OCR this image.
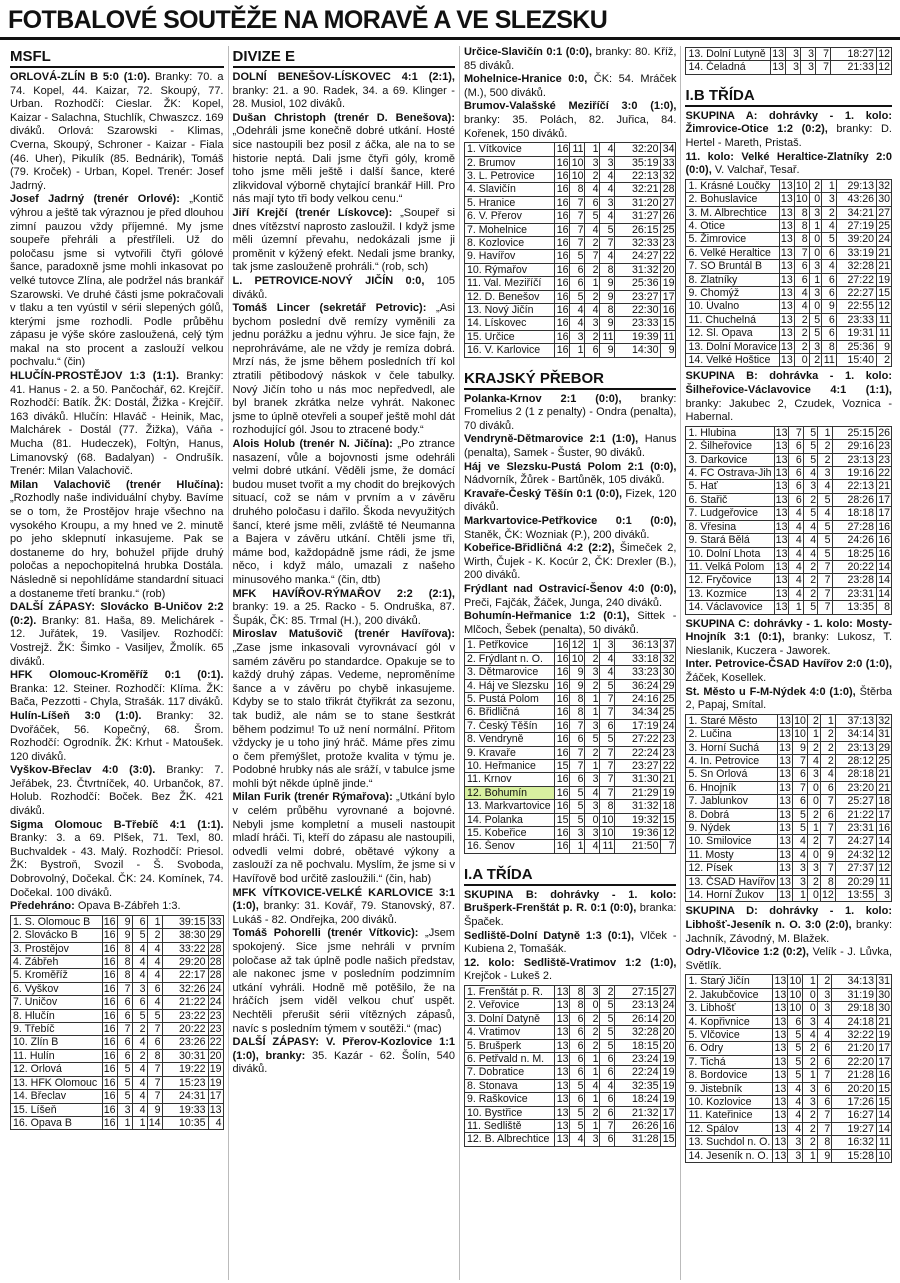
FOTBALOVÉ SOUTĚŽE NA MORAVĚ A VE SLEZSKU
MSFL
ORLOVÁ-ZLÍN B 5:0 (1:0). Branky: 70. a 74. Kopel, 44. Kaizar, 72. Skoupý, 77. Urban. Rozhodčí: Cieslar. ŽK: Kopel, Kaizar - Salachna, Stuchlík, Chwaszcz. 169 diváků. Orlová: Szarowski - Klimas, Cverna, Skoupý, Schroner - Kaizar - Fiala (46. Uher), Pikulík (85. Bednárik), Tomáš (79. Kroček) - Urban, Kopel. Trenér: Josef Jadrný.
Josef Jadrný (trenér Orlové): „Kontič výhrou a ještě tak výraznou je před dlouhou zimní pauzou vždy příjemné. My jsme soupeře přehráli a přestříleli. Už do poločasu jsme si vytvořili čtyři gólové šance, paradoxně jsme mohli inkasovat po velké tutovce Zlína, ale podržel nás brankář Szarowski. Ve druhé části jsme pokračovali v tlaku a ten vyústil v sérii slepených gólů, kterými jsme rozhodli. Podle průběhu zápasu je výše skóre zasloužená, celý tým makal na sto procent a zaslouží velkou pochvalu.“ (čin)
HLUČÍN-PROSTĚJOV 1:3 (1:1). Branky: 41. Hanus - 2. a 50. Pančochář, 62. Krejčíř. Rozhodčí: Batík. ŽK: Dostál, Žižka - Krejčíř. 163 diváků. Hlučín: Hlaváč - Heinik, Mac, Malchárek - Dostál (77. Žižka), Váňa - Mucha (81. Hudeczek), Foltýn, Hanus, Limanovský (68. Badalyan) - Ondrušík. Trenér: Milan Valachovič.
Milan Valachovič (trenér Hlučína): „Rozhodly naše individuální chyby. Bavíme se o tom, že Prostějov hraje všechno na vysokého Kroupu, a my hned ve 2. minutě po jeho sklepnutí inkasujeme. Pak se dostaneme do hry, bohužel přijde druhý poločas a nepochopitelná hrubka Dostála. Následně si nepohlídáme standardní situaci a dostaneme třetí branku.“ (rob)
DALŠÍ ZÁPASY: Slovácko B-Uničov 2:2 (0:2). Branky: 81. Haša, 89. Melichárek - 12. Juřátek, 19. Vasiljev. Rozhodčí: Vostrejž. ŽK: Šimko - Vasiljev, Žmolík. 65 diváků.
HFK Olomouc-Kroměříž 0:1 (0:1). Branka: 12. Steiner. Rozhodčí: Klíma. ŽK: Bača, Pezzotti - Chyla, Strašák. 117 diváků.
Hulín-Líšeň 3:0 (1:0). Branky: 32. Dvořáček, 56. Kopečný, 68. Šrom. Rozhodčí: Ogrodník. ŽK: Krhut - Matoušek. 120 diváků.
Vyškov-Břeclav 4:0 (3:0). Branky: 7. Jeřábek, 23. Čtvrtníček, 40. Urbančok, 87. Holub. Rozhodčí: Boček. Bez ŽK. 421 diváků.
Sigma Olomouc B-Třebíč 4:1 (1:1). Branky: 3. a 69. Plšek, 71. Texl, 80. Buchvaldek - 43. Malý. Rozhodčí: Priesol. ŽK: Bystroň, Svozil - Š. Svoboda, Dobrovolný, Dočekal. ČK: 24. Komínek, 74. Dočekal. 100 diváků.
Předehráno: Opava B-Zábřeh 1:3.
1. S. Olomouc B	16	9	6	1	39:15	33
2. Slovácko B	16	9	5	2	38:30	29
3. Prostějov	16	8	4	4	33:22	28
4. Zábřeh	16	8	4	4	29:20	28
5. Kroměříž	16	8	4	4	22:17	28
6. Vyškov	16	7	3	6	32:26	24
7. Uničov	16	6	6	4	21:22	24
8. Hlučín	16	6	5	5	23:22	23
9. Třebíč	16	7	2	7	20:22	23
10. Zlín B	16	6	4	6	23:26	22
11. Hulín	16	6	2	8	30:31	20
12. Orlová	16	5	4	7	19:22	19
13. HFK Olomouc	16	5	4	7	15:23	19
14. Břeclav	16	5	4	7	24:31	17
15. Líšeň	16	3	4	9	19:33	13
16. Opava B	16	1	1	14	10:35	4
DIVIZE E
DOLNÍ BENEŠOV-LÍSKOVEC 4:1 (2:1), branky: 21. a 90. Radek, 34. a 69. Klinger - 28. Musiol, 102 diváků.
Dušan Christoph (trenér D. Benešova): „Odehráli jsme konečně dobré utkání. Hosté sice nastoupili bez posil z áčka, ale na to se historie neptá. Dali jsme čtyři góly, kromě toho jsme měli ještě i další šance, které zlikvidoval výborně chytající brankář Hill. Pro nás mají tyto tři body velkou cenu.“
Jiří Krejčí (trenér Lískovce): „Soupeř si dnes vítězství naprosto zasloužil. I když jsme měli územní převahu, nedokázali jsme ji proměnit v kýžený efekt. Nedali jsme branky, tak jsme zaslouženě prohráli.“ (rob, sch)
L. PETROVICE-NOVÝ JIČÍN 0:0, 105 diváků.
Tomáš Lincer (sekretář Petrovic): „Asi bychom poslední dvě remízy vyměnili za jednu porážku a jednu výhru. Je sice fajn, že neprohráváme, ale ne vždy je remíza dobrá. Mrzí nás, že jsme během posledních tří kol ztratili pětibodový náskok v čele tabulky. Nový Jičín toho u nás moc nepředvedl, ale byl branek zkrátka nelze vyhrát. Nakonec jsme to úplně otevřeli a soupeř ještě mohl dát rozhodující gól. Jsou to ztracené body.“
Alois Holub (trenér N. Jičína): „Po ztrance nasazení, vůle a bojovnosti jsme odehráli velmi dobré utkání. Věděli jsme, že domácí budou muset tvořit a my chodit do brejkových situací, což se nám v prvním a v závěru druhého poločasu i dařilo. Škoda nevyužitých šancí, které jsme měli, zvláště té Neumanna a Bajera v závěru utkání. Chtěli jsme tři, máme bod, každopádně jsme rádi, že jsme něco, i když málo, umazali z našeho minusového manka.“ (čin, dtb)
MFK HAVÍŘOV-RÝMAŘOV 2:2 (2:1), branky: 19. a 25. Racko - 5. Ondruška, 87. Šupák, ČK: 85. Trmal (H.), 200 diváků.
Miroslav Matušovič (trenér Havířova): „Zase jsme inkasovali vyrovnávací gól v samém závěru po standardce. Opakuje se to každý druhý zápas. Vedeme, neproměníme šance a v závěru po chybě inkasujeme. Kdyby se to stalo třikrát čtyřikrát za sezonu, tak budiž, ale nám se to stane šestkrát během podzimu! To už není normální. Přitom vždycky je u toho jiný hráč. Máme přes zimu o čem přemýšlet, protože kvalita v týmu je. Podobné hrubky nás ale sráží, v tabulce jsme mohli být někde úplně jinde.“
Milan Furik (trenér Rýmařova): „Utkání bylo v celém průběhu vyrovnané a bojovné. Nebyli jsme kompletní a museli nastoupit mladí hráči. Ti, kteří do zápasu ale nastoupili, odvedli velmi dobré, obětavé výkony a zaslouží za ně pochvalu. Myslím, že jsme si v Havířově bod určitě zasloužili.“ (čin, hab)
MFK VÍTKOVICE-VELKÉ KARLOVICE 3:1 (1:0), branky: 31. Kovář, 79. Stanovský, 87. Lukáš - 82. Ondřejka, 200 diváků.
Tomáš Pohorelli (trenér Vítkovic): „Jsem spokojený. Sice jsme nehráli v prvním poločase až tak úplně podle našich představ, ale nakonec jsme v posledním podzimním utkání vyhráli. Hodně mě potěšilo, že na hráčích jsem viděl velkou chuť uspět. Nechtěli přerušit sérii vítězných zápasů, navíc s posledním týmem v soutěži.“ (mac)
DALŠÍ ZÁPASY: V. Přerov-Kozlovice 1:1 (1:0), branky: 35. Kazár - 62. Šolín, 540 diváků.
Určice-Slavičín 0:1 (0:0), branky: 80. Kříž, 85 diváků.
Mohelnice-Hranice 0:0, ČK: 54. Mráček (M.), 500 diváků.
Brumov-Valašské Meziříčí 3:0 (1:0), branky: 35. Polách, 82. Juřica, 84. Kořenek, 150 diváků.
1. Vítkovice	16	11	1	4	32:20	34
2. Brumov	16	10	3	3	35:19	33
3. L. Petrovice	16	10	2	4	22:13	32
4. Slavičín	16	8	4	4	32:21	28
5. Hranice	16	7	6	3	31:20	27
6. V. Přerov	16	7	5	4	31:27	26
7. Mohelnice	16	7	4	5	26:15	25
8. Kozlovice	16	7	2	7	32:33	23
9. Havířov	16	5	7	4	24:27	22
10. Rýmařov	16	6	2	8	31:32	20
11. Val. Meziříčí	16	6	1	9	25:36	19
12. D. Benešov	16	5	2	9	23:27	17
13. Nový Jičín	16	4	4	8	22:30	16
14. Lískovec	16	4	3	9	23:33	15
15. Určice	16	3	2	11	19:39	11
16. V. Karlovice	16	1	6	9	14:30	9
KRAJSKÝ PŘEBOR
Polanka-Krnov 2:1 (0:0), branky: Fromelius 2 (1 z penalty) - Ondra (penalta), 70 diváků.
Vendryně-Dětmarovice 2:1 (1:0), Hanus (penalta), Samek - Šuster, 90 diváků.
Háj ve Slezsku-Pustá Polom 2:1 (0:0), Nádvorník, Žůrek - Bartůněk, 105 diváků.
Kravaře-Český Těšín 0:1 (0:0), Fizek, 120 diváků.
Markvartovice-Petřkovice 0:1 (0:0), Staněk, ČK: Wozniak (P.), 200 diváků.
Kobeřice-Břidličná 4:2 (2:2), Šimeček 2, Wirth, Čujek - K. Kocúr 2, ČK: Drexler (B.), 200 diváků.
Frýdlant nad Ostravicí-Šenov 4:0 (0:0), Preči, Fajčák, Žáček, Junga, 240 diváků.
Bohumín-Heřmanice 1:2 (0:1), Sittek - Mlčoch, Šebek (penalta), 50 diváků.
1. Petřkovice	16	12	1	3	36:13	37
2. Frýdlant n. O.	16	10	2	4	33:18	32
3. Dětmarovice	16	9	3	4	33:23	30
4. Háj ve Slezsku	16	9	2	5	36:24	29
5. Pustá Polom	16	8	1	7	24:16	25
6. Břidličná	16	8	1	7	34:34	25
7. Český Těšín	16	7	3	6	17:19	24
8. Vendryně	16	6	5	5	27:22	23
9. Kravaře	16	7	2	7	22:24	23
10. Heřmanice	15	7	1	7	23:27	22
11. Krnov	16	6	3	7	31:30	21
12. Bohumín	16	5	4	7	21:29	19
13. Markvartovice	16	5	3	8	31:32	18
14. Polanka	15	5	0	10	19:32	15
15. Kobeřice	16	3	3	10	19:36	12
16. Šenov	16	1	4	11	21:50	7
I.A TŘÍDA
SKUPINA B: dohrávky - 1. kolo: Brušperk-Frenštát p. R. 0:1 (0:0), branka: Špaček.
Sedliště-Dolní Datyně 1:3 (0:1), Vlček - Kubiena 2, Tomašák.
12. kolo: Sedliště-Vratimov 1:2 (1:0), Krejčok - Lukeš 2.
1. Frenštát p. R.	13	8	3	2	27:15	27
2. Veřovice	13	8	0	5	23:13	24
3. Dolní Datyně	13	6	2	5	26:14	20
4. Vratimov	13	6	2	5	32:28	20
5. Brušperk	13	6	2	5	18:15	20
6. Petřvald n. M.	13	6	1	6	23:24	19
7. Dobratice	13	6	1	6	22:24	19
8. Stonava	13	5	4	4	32:35	19
9. Raškovice	13	6	1	6	18:24	19
10. Bystřice	13	5	2	6	21:32	17
11. Sedliště	13	5	1	7	26:26	16
12. B. Albrechtice	13	4	3	6	31:28	15
13. Dolní Lutyně	13	3	3	7	18:27	12
14. Čeladná	13	3	3	7	21:33	12
I.B TŘÍDA
SKUPINA A: dohrávky - 1. kolo: Žimrovice-Otice 1:2 (0:2), branky: D. Hertel - Mareth, Pristaš.
11. kolo: Velké Heraltice-Zlatníky 2:0 (0:0), V. Valchař, Tesař.
1. Krásné Loučky	13	10	2	1	29:13	32
2. Bohuslavice	13	10	0	3	43:26	30
3. M. Albrechtice	13	8	3	2	34:21	27
4. Otice	13	8	1	4	27:19	25
5. Žimrovice	13	8	0	5	39:20	24
6. Velké Heraltice	13	7	0	6	33:19	21
7. SO Bruntál B	13	6	3	4	32:28	21
8. Zlatníky	13	6	1	6	27:22	19
9. Chomýž	13	4	3	6	22:27	15
10. Úvalno	13	4	0	9	22:55	12
11. Chuchelná	13	2	5	6	23:33	11
12. Sl. Opava	13	2	5	6	19:31	11
13. Dolní Moravice	13	2	3	8	25:36	9
14. Velké Hoštice	13	0	2	11	15:40	2
SKUPINA B: dohrávka - 1. kolo: Šilheřovice-Václavovice 4:1 (1:1), branky: Jakubec 2, Czudek, Voznica - Habernal.
1. Hlubina	13	7	5	1	25:15	26
2. Šilheřovice	13	6	5	2	29:16	23
3. Darkovice	13	6	5	2	23:13	23
4. FC Ostrava-Jih	13	6	4	3	19:16	22
5. Hať	13	6	3	4	22:13	21
6. Stařič	13	6	2	5	28:26	17
7. Ludgeřovice	13	4	5	4	18:18	17
8. Vřesina	13	4	4	5	27:28	16
9. Stará Bělá	13	4	4	5	24:26	16
10. Dolní Lhota	13	4	4	5	18:25	16
11. Velká Polom	13	4	2	7	20:22	14
12. Fryčovice	13	4	2	7	23:28	14
13. Kozmice	13	4	2	7	23:31	14
14. Václavovice	13	1	5	7	13:35	8
SKUPINA C: dohrávky - 1. kolo: Mosty-Hnojník 3:1 (0:1), branky: Lukosz, T. Nieslanik, Kuczera - Jaworek.
Inter. Petrovice-ČSAD Havířov 2:0 (1:0), Žáček, Kosellek.
St. Město u F-M-Nýdek 4:0 (1:0), Štěrba 2, Papaj, Smítal.
1. Staré Město	13	10	2	1	37:13	32
2. Lučina	13	10	1	2	34:14	31
3. Horní Suchá	13	9	2	2	23:13	29
4. In. Petrovice	13	7	4	2	28:12	25
5. Sn Orlová	13	6	3	4	28:18	21
6. Hnojník	13	7	0	6	23:20	21
7. Jablunkov	13	6	0	7	25:27	18
8. Dobrá	13	5	2	6	21:22	17
9. Nýdek	13	5	1	7	23:31	16
10. Smilovice	13	4	2	7	24:27	14
11. Mosty	13	4	0	9	24:32	12
12. Písek	13	3	3	7	27:37	12
13. ČSAD Havířov	13	3	2	8	20:29	11
14. Horní Žukov	13	1	0	12	13:55	3
SKUPINA D: dohrávky - 1. kolo: Libhošť-Jeseník n. O. 3:0 (2:0), branky: Jachník, Závodný, M. Blažek.
Odry-Vlčovice 1:2 (0:2), Velík - J. Lůvka, Světlík.
1. Starý Jičín	13	10	1	2	34:13	31
2. Jakubčovice	13	10	0	3	31:19	30
3. Libhošť	13	10	0	3	29:18	30
4. Kopřivnice	13	6	3	4	24:18	21
5. Vlčovice	13	5	4	4	32:22	19
6. Odry	13	5	2	6	21:20	17
7. Tichá	13	5	2	6	22:20	17
8. Bordovice	13	5	1	7	21:28	16
9. Jistebník	13	4	3	6	20:20	15
10. Kozlovice	13	4	3	6	17:26	15
11. Kateřinice	13	4	2	7	16:27	14
12. Spálov	13	4	2	7	19:27	14
13. Suchdol n. O.	13	3	2	8	16:32	11
14. Jeseník n. O.	13	3	1	9	15:28	10
